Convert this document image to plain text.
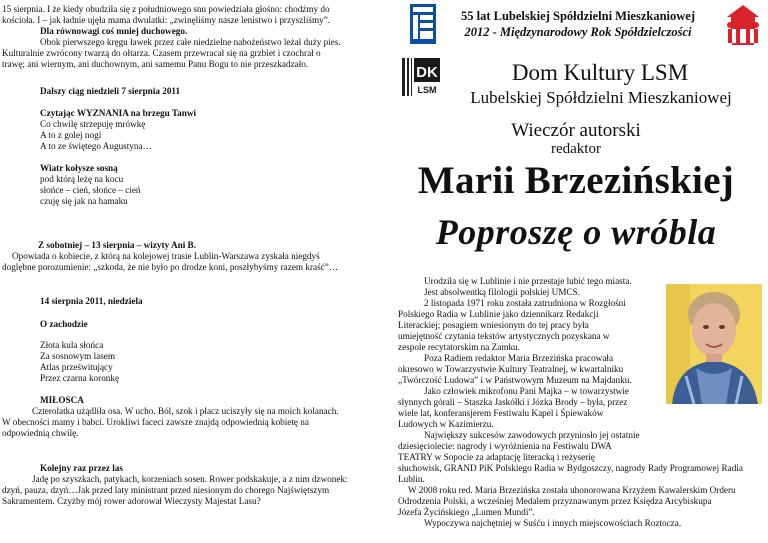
15 sierpnia. I że kiedy obudziła się z południowego snu powiedziała głośno: chodźmy do
kościoła. I – jak ładnie ujęła mama dwulatki: „zwinęliśmy nasze lenistwo i przyszliśmy”.
Dla równowagi coś mniej duchowego.
Obok pierwszego kręgu ławek przez całe niedzielne nabożeństwo leżał duży pies.
Kulturalnie zwrócony twarzą do ołtarza. Czasem przewracał się na grzbiet i czochrał o
trawę; ani wiernym, ani duchownym, ani samemu Panu Bogu to nie przeszkadzało.
Dalszy ciąg niedzieli 7 sierpnia 2011
Czytając WYZNANIA na brzegu Tanwi
Co chwilę strzepuję mrówkę
A to z golej nogi
A to ze świętego Augustyna…
Wiatr kołysze sosną
pod którą leżę na kocu
słońce – cień, słońce – cień
czuję się jak na hamaku
Z sobotniej – 13 sierpnia – wizyty Ani B.
Opowiada o kobiecie, z którą na kolejowej trasie Lublin-Warszawa zyskała niegdyś
doglębne porozumienie: „szkoda, że nie było po drodze koni, poszłybyśmy razem kraść”…
14 sierpnia 2011, niedziela
O zachodzie
Złota kula słońca
Za sosnowym lasem
Atlas prześwitujący
Przez czarna koronkę
MIŁOSCA
Czterolatka użądliła osa. W ucho. Ból, szok i płacz uciszyły się na moich kolanach.
W obecności mamy i babci. Urokliwi faceci zawsze znajdą odpowiednią kobietę na
odpowiednią chwilę.
Kolejny raz przez las
Jadę po szyszkach, patykach, korzeniach sosen. Rower podskakuje, a z nim dzwonek:
dzyń, pauza, dzyń…Jak przed laty ministrant przed niesionym do chorego Najświętszym
Sakramentem. Czyżby mój rower adorował Wieczysty Majestat Lasu?
55 lat Lubelskiej Spółdzielni Mieszkaniowej
2012 - Międzynarodowy Rok Spółdzielczości
DK
LSM
Dom Kultury LSM
Lubelskiej Spółdzielni Mieszkaniowej
Wieczór autorski
redaktor
Marii Brzezińskiej
Poproszę o wróbla
Urodziła się w Lublinie i nie przestaje lubić tego miasta.
Jest absolwentką filologii polskiej UMCS.
2 listopada 1971 roku została zatrudniona w Rozgłośni
Polskiego Radia w Lublinie jako dziennikarz Redakcji
Literackiej; posagiem wniesionym do tej pracy była
umiejętność czytania tekstów artystycznych pozyskana w
zespole recytatorskim na Zamku.
Poza Radiem redaktor Maria Brzezińska pracowała
okresowo w Towarzystwie Kultury Teatralnej, w kwartalniku
„Twórczość Ludowa” i w Państwowym Muzeum na Majdanku.
Jako człowiek mikrofonu Pani Majka – w towarzystwie
słynnych górali – Staszka Jaskółki i Józka Brody – była, przez
wiele lat, konferansjerem Festiwalu Kapel i Śpiewaków
Ludowych w Kazimierzu.
Największy sukcesów zawodowych przyniosło jej ostatnie
dziesięciolecie: nagrody i wyróżnienia na Festiwalu DWA
TEATRY w Sopocie za adaptację literacką i reżyserię
słuchowisk, GRAND PiK Polskiego Radia w Bydgoszczy, nagrody Rady Programowej Radia
Lublin.
W 2008 roku red. Maria Brzezińska została uhonorowana Krzyżem Kawalerskim Orderu
Odrodzenia Polski, a wcześniej Medalem przyznawanym przez Księdza Arcybiskupa
Józefa Życińskiego „Lumen Mundi”.
Wypoczywa najchętniej w Suśću i innych miejscowościach Roztocza.
